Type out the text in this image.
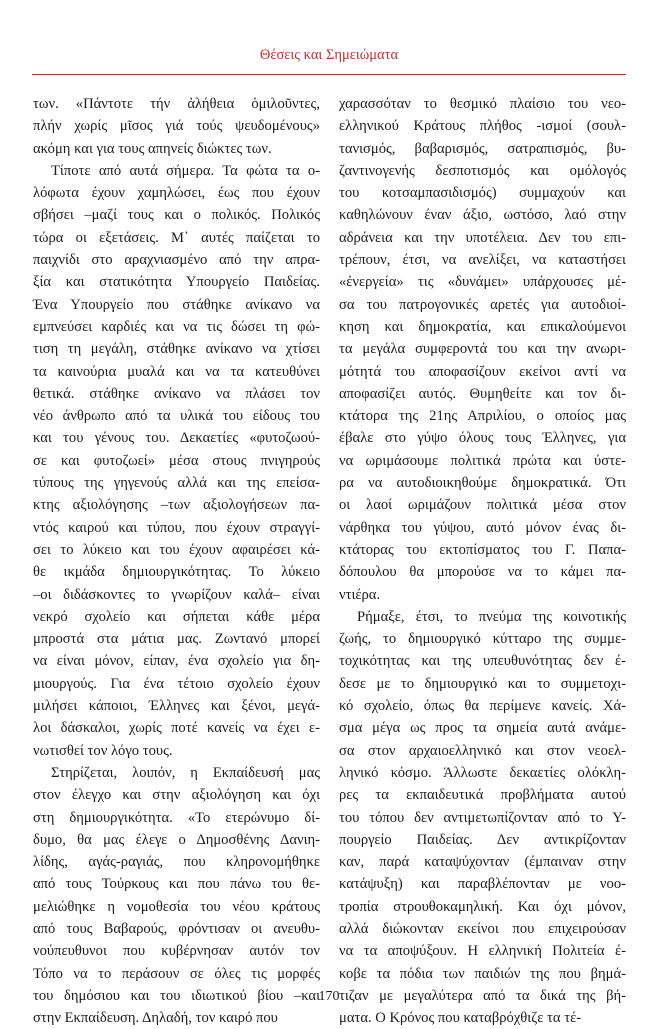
Θέσεις και Σημειώματα

των. «Πάντοτε τήν ἀλήθεια ὁμιλοῦντες,
πλήν χωρίς μῖσος γιά τούς ψευδομένους»
ακόμη και για τους απηνείς διώκτες των.

Τίποτε από αυτά σήμερα. Τα φώτα τα ο-
λόφωτα έχουν χαμηλώσει, έως που έχουν
σβήσει –μαζί τους και ο πολικός. Πολικός
τώρα οι εξετάσεις. Μ᾽ αυτές παίζεται το
παιχνίδι στο αραχνιασμένο από την απρα-
ξία και στατικότητα Υπουργείο Παιδείας.
Ένα Υπουργείο που στάθηκε ανίκανο να
εμπνεύσει καρδιές και να τις δώσει τη φώ-
τιση τη μεγάλη, στάθηκε ανίκανο να χτίσει
τα καινούρια μυαλά και να τα κατευθύνει
θετικά. στάθηκε ανίκανο να πλάσει τον
νέο άνθρωπο από τα υλικά του είδους του
και του γένους του. Δεκαετίες «φυτοζωού-
σε και φυτοζωεί» μέσα στους πνιγηρούς
τύπους της γηγενούς αλλά και της επείσα-
κτης αξιολόγησης –των αξιολογήσεων πα-
ντός καιρού και τύπου, που έχουν στραγγί-
σει το λύκειο και του έχουν αφαιρέσει κά-
θε ικμάδα δημιουργικότητας. Το λύκειο
–οι διδάσκοντες το γνωρίζουν καλά– είναι
νεκρό σχολείο και σήπεται κάθε μέρα
μπροστά στα μάτια μας. Ζωντανό μπορεί
να είναι μόνον, είπαν, ένα σχολείο για δη-
μιουργούς. Για ένα τέτοιο σχολείο έχουν
μιλήσει κάποιοι, Έλληνες και ξένοι, μεγά-
λοι δάσκαλοι, χωρίς ποτέ κανείς να έχει ε-
νωτισθεί τον λόγο τους.

Στηρίζεται, λοιπόν, η Εκπαίδευσή μας
στον έλεγχο και στην αξιολόγηση και όχι
στη δημιουργικότητα. «Το ετερώνυμο δί-
δυμο, θα μας έλεγε ο Δημοσθένης Δανιη-
λίδης, αγάς-ραγιάς, που κληρονομήθηκε
από τους Τούρκους και που πάνω του θε-
μελιώθηκε η νομοθεσία του νέου κράτους
από τους Βαβαρούς, φρόντισαν οι ανευθυ-
νούπευθυνοι που κυβέρνησαν αυτόν τον
Τόπο να το περάσουν σε όλες τις μορφές
του δημόσιου και του ιδιωτικού βίου –και
στην Εκπαίδευση. Δηλαδή, τον καιρό που

χαρασσόταν το θεσμικό πλαίσιο του νεο-
ελληνικού Κράτους πλήθος -ισμοί (σουλ-
τανισμός, βαβαρισμός, σατραπισμός, βυ-
ζαντινογενής δεσποτισμός και ομόλογός
του κοτσαμπασιδισμός) συμμαχούν και
καθηλώνουν έναν άξιο, ωστόσο, λαό στην
αδράνεια και την υποτέλεια. Δεν του επι-
τρέπουν, έτσι, να ανελίξει, να καταστήσει
«ἐνεργεία» τις «δυνάμει» υπάρχουσες μέ-
σα του πατρογονικές αρετές για αυτοδιοί-
κηση και δημοκρατία, και επικαλούμενοι
τα μεγάλα συμφεροντά του και την ανωρι-
μότητά του αποφασίζουν εκείνοι αντί να
αποφασίζει αυτός. Θυμηθείτε και τον δι-
κτάτορα της 21ης Απριλίου, ο οποίος μας
έβαλε στο γύψο όλους τους Έλληνες, για
να ωριμάσουμε πολιτικά πρώτα και ύστε-
ρα να αυτοδιοικηθούμε δημοκρατικά. Ότι
οι λαοί ωριμάζουν πολιτικά μέσα στον
νάρθηκα του γύψου, αυτό μόνον ένας δι-
κτάτορας του εκτοπίσματος του Γ. Παπα-
δόπουλου θα μπορούσε να το κάμει πα-
ντιέρα.

Ρήμαξε, έτσι, το πνεύμα της κοινοτικής
ζωής, το δημιουργικό κύτταρο της συμμε-
τοχικότητας και της υπευθυνότητας δεν έ-
δεσε με το δημιουργικό και το συμμετοχι-
κό σχολείο, όπως θα περίμενε κανείς. Χά-
σμα μέγα ως προς τα σημεία αυτά ανάμε-
σα στον αρχαιοελληνικό και στον νεοελ-
ληνικό κόσμο. Άλλωστε δεκαετίες ολόκλη-
ρες τα εκπαιδευτικά προβλήματα αυτού
του τόπου δεν αντιμετωπίζονταν από το Υ-
πουργείο Παιδείας. Δεν αντικρίζονταν
καν, παρά καταψύχονταν (έμπαιναν στην
κατάψυξη) και παραβλέπονταν με νοο-
τροπία στρουθοκαμηλική. Και όχι μόνον,
αλλά διώκονταν εκείνοι που επιχειρούσαν
να τα αποψύξουν. Η ελληνική Πολιτεία έ-
κοβε τα πόδια των παιδιών της που βημά-
τιζαν με μεγαλύτερα από τα δικά της βή-
ματα. Ο Κρόνος που καταβρόχθιζε τα τέ-

170
